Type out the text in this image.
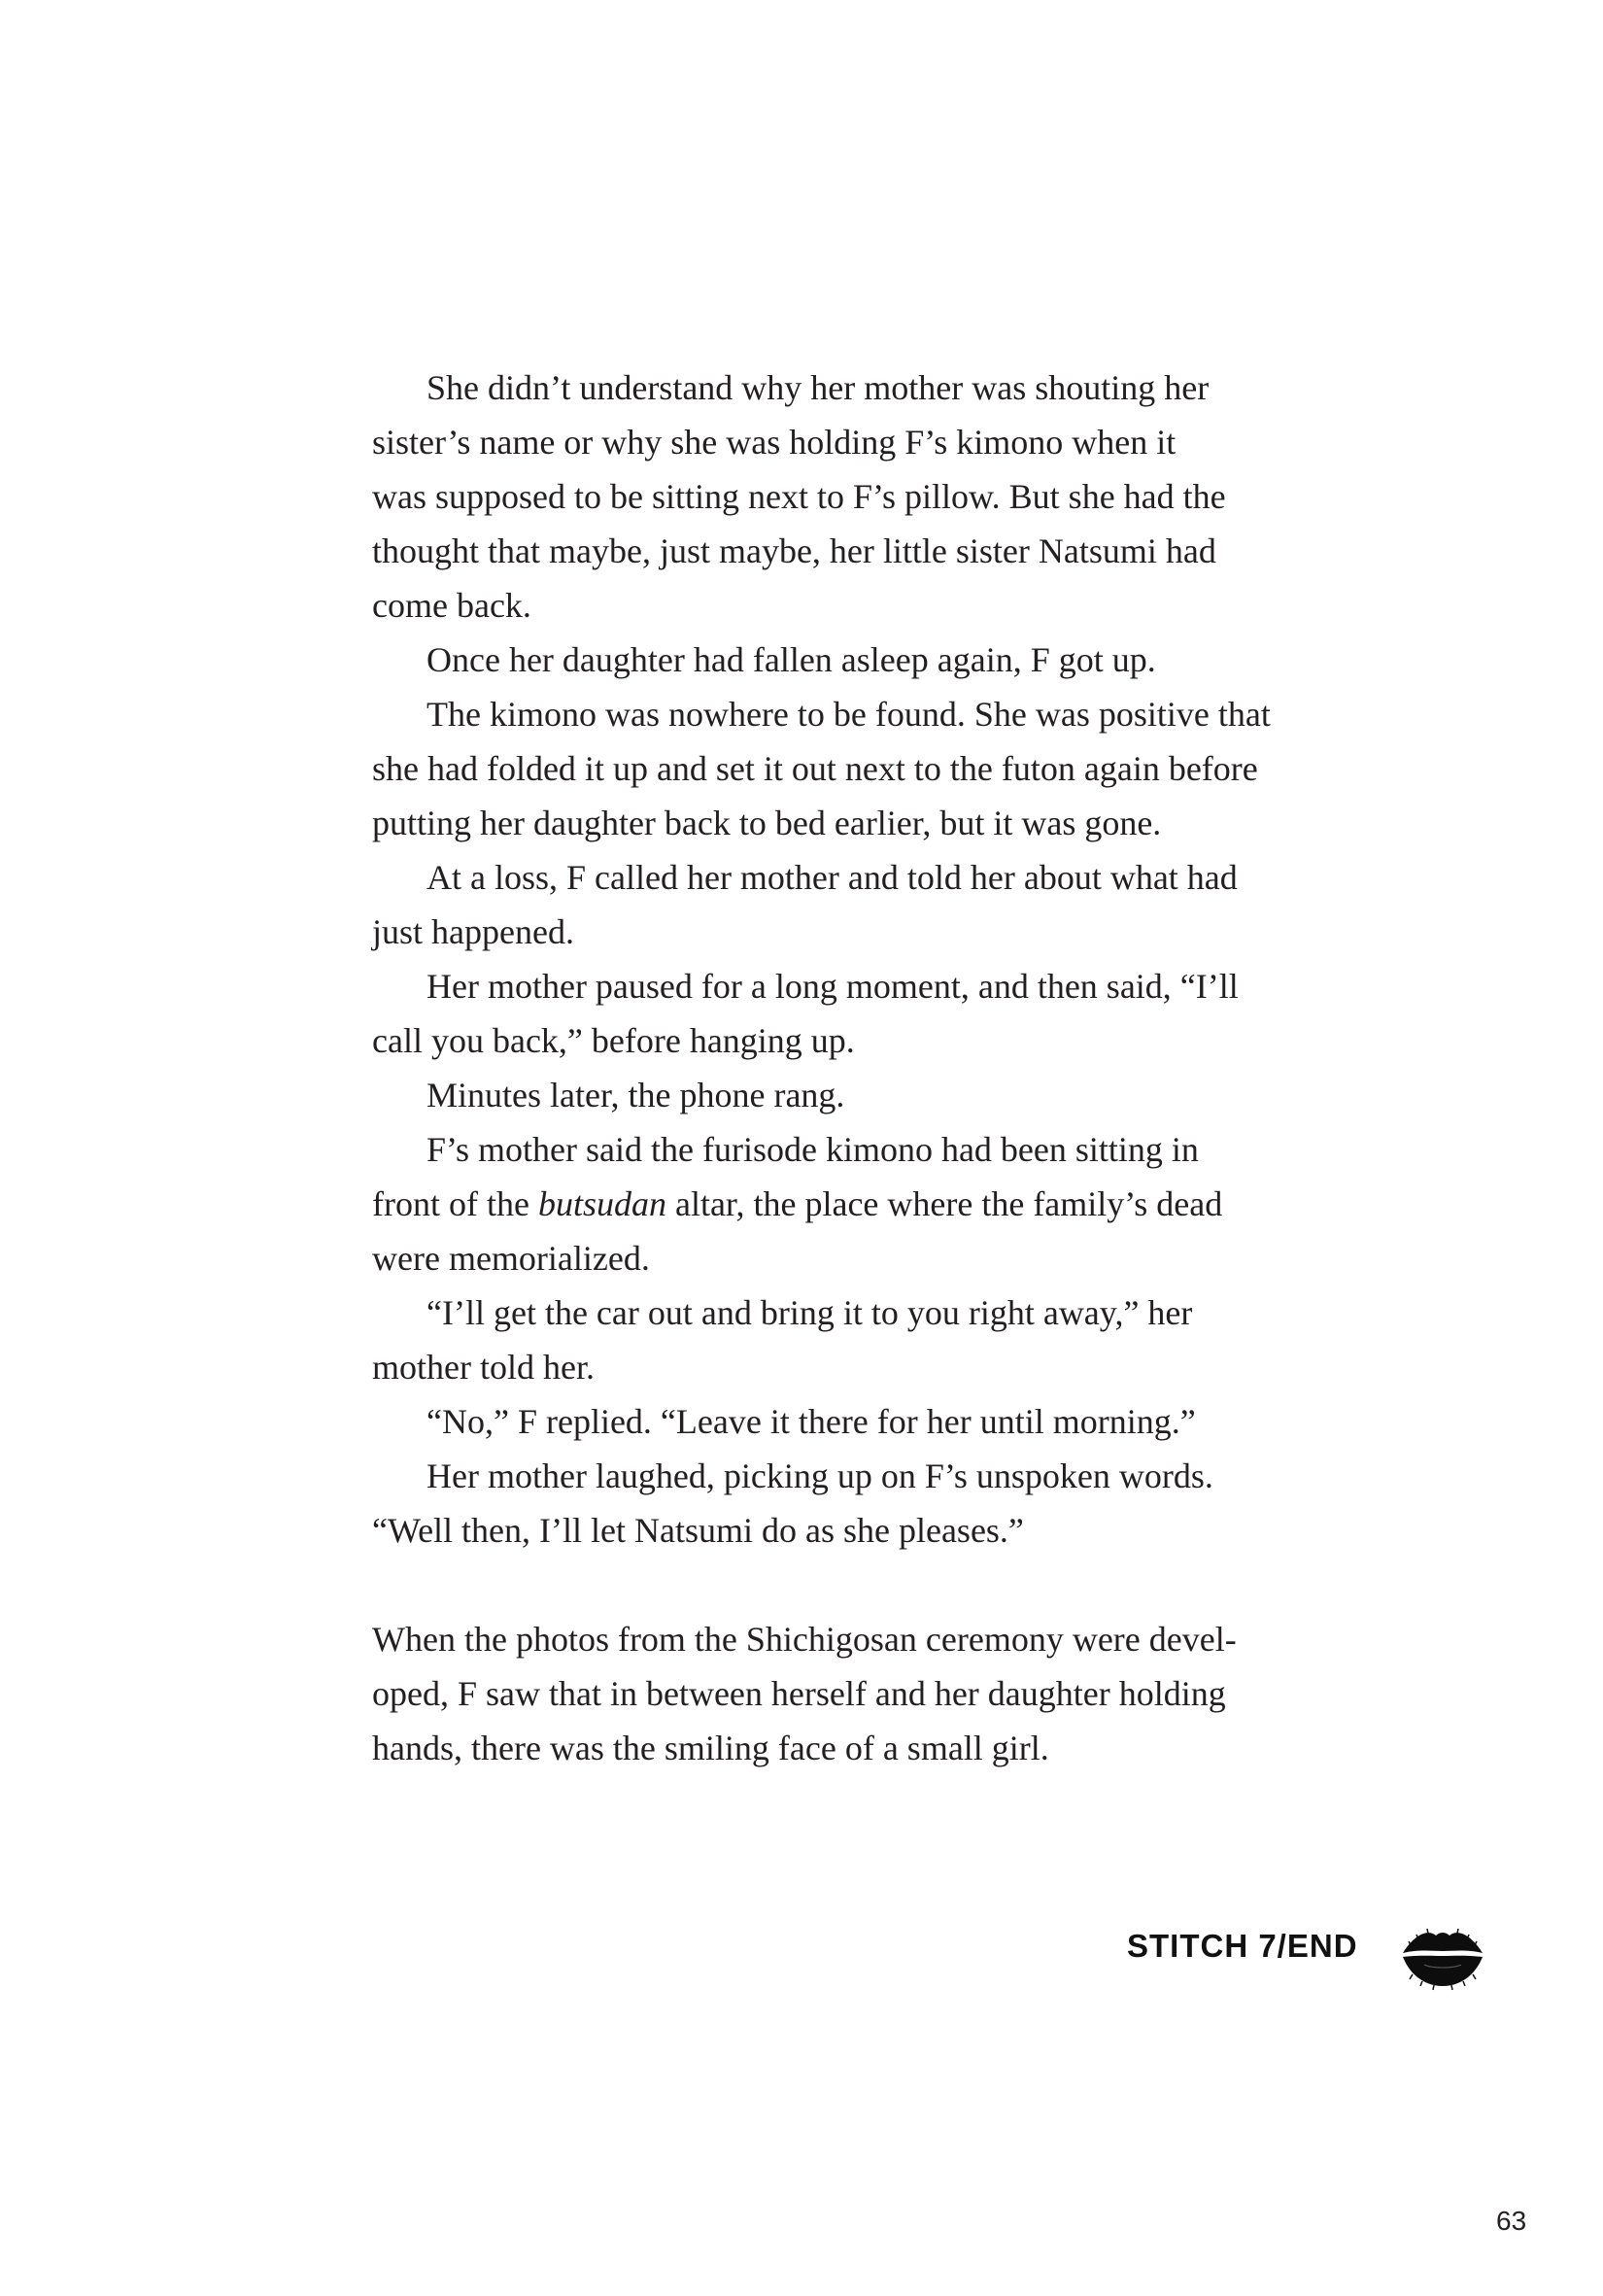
She didn’t understand why her mother was shouting her
sister’s name or why she was holding F’s kimono when it
was supposed to be sitting next to F’s pillow. But she had the
thought that maybe, just maybe, her little sister Natsumi had
come back.
Once her daughter had fallen asleep again, F got up.
The kimono was nowhere to be found. She was positive that
she had folded it up and set it out next to the futon again before
putting her daughter back to bed earlier, but it was gone.
At a loss, F called her mother and told her about what had
just happened.
Her mother paused for a long moment, and then said, “I’ll
call you back,” before hanging up.
Minutes later, the phone rang.
F’s mother said the furisode kimono had been sitting in
front of the butsudan altar, the place where the family’s dead
were memorialized.
“I’ll get the car out and bring it to you right away,” her
mother told her.
“No,” F replied. “Leave it there for her until morning.”
Her mother laughed, picking up on F’s unspoken words.
“Well then, I’ll let Natsumi do as she pleases.”
When the photos from the Shichigosan ceremony were devel-
oped, F saw that in between herself and her daughter holding
hands, there was the smiling face of a small girl.
STITCH 7/END
63
